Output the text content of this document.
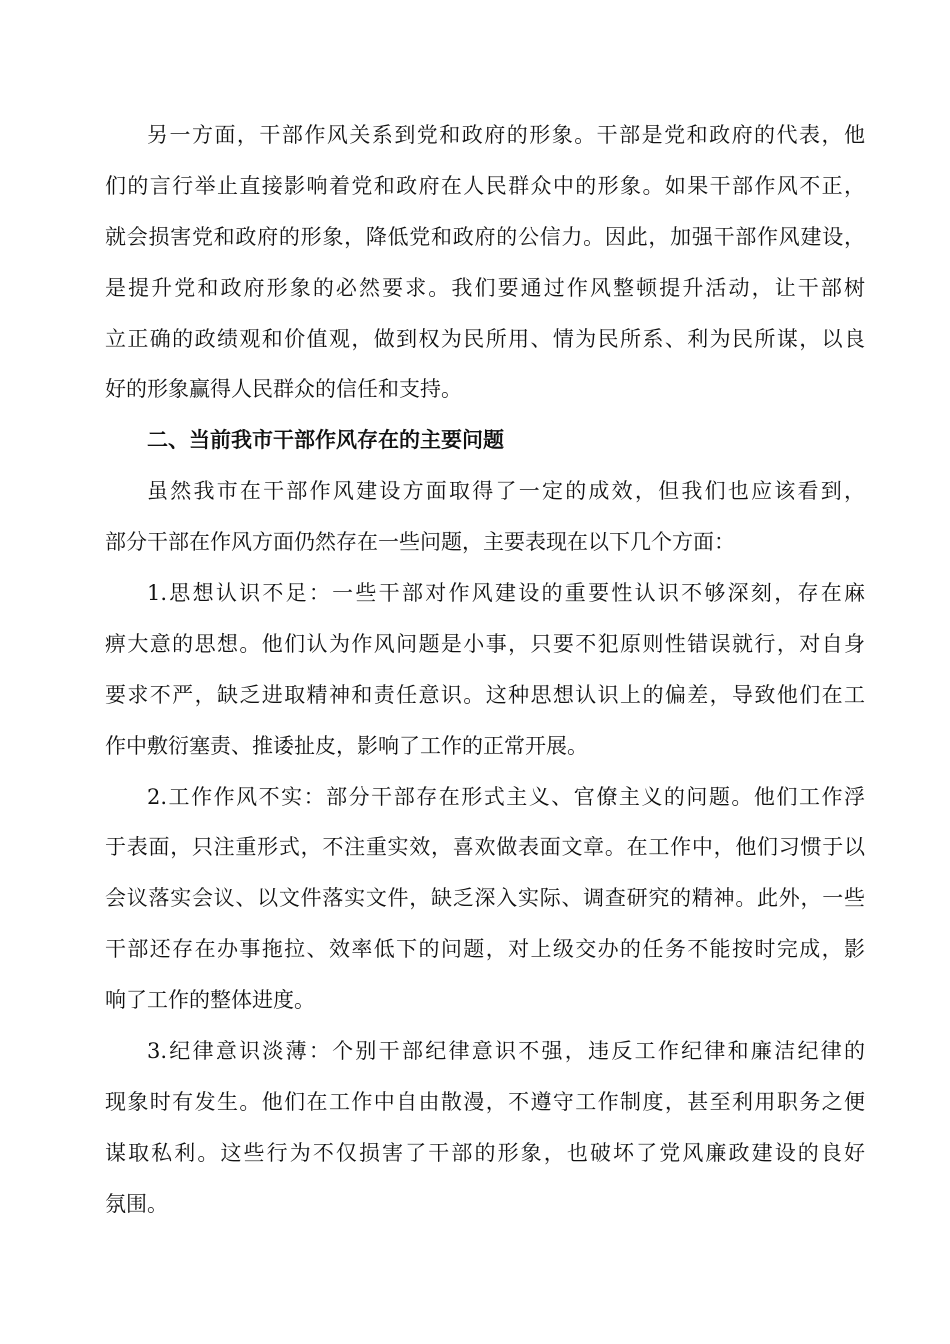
另一方面，干部作风关系到党和政府的形象。干部是党和政府的代表，他
们的言行举止直接影响着党和政府在人民群众中的形象。如果干部作风不正，
就会损害党和政府的形象，降低党和政府的公信力。因此，加强干部作风建设，
是提升党和政府形象的必然要求。我们要通过作风整顿提升活动，让干部树
立正确的政绩观和价值观，做到权为民所用、情为民所系、利为民所谋，以良
好的形象赢得人民群众的信任和支持。
二、当前我市干部作风存在的主要问题
虽然我市在干部作风建设方面取得了一定的成效，但我们也应该看到，
部分干部在作风方面仍然存在一些问题，主要表现在以下几个方面：
1.思想认识不足：一些干部对作风建设的重要性认识不够深刻，存在麻
痹大意的思想。他们认为作风问题是小事，只要不犯原则性错误就行，对自身
要求不严，缺乏进取精神和责任意识。这种思想认识上的偏差，导致他们在工
作中敷衍塞责、推诿扯皮，影响了工作的正常开展。
2.工作作风不实：部分干部存在形式主义、官僚主义的问题。他们工作浮
于表面，只注重形式，不注重实效，喜欢做表面文章。在工作中，他们习惯于以
会议落实会议、以文件落实文件，缺乏深入实际、调查研究的精神。此外，一些
干部还存在办事拖拉、效率低下的问题，对上级交办的任务不能按时完成，影
响了工作的整体进度。
3.纪律意识淡薄：个别干部纪律意识不强，违反工作纪律和廉洁纪律的
现象时有发生。他们在工作中自由散漫，不遵守工作制度，甚至利用职务之便
谋取私利。这些行为不仅损害了干部的形象，也破坏了党风廉政建设的良好
氛围。
